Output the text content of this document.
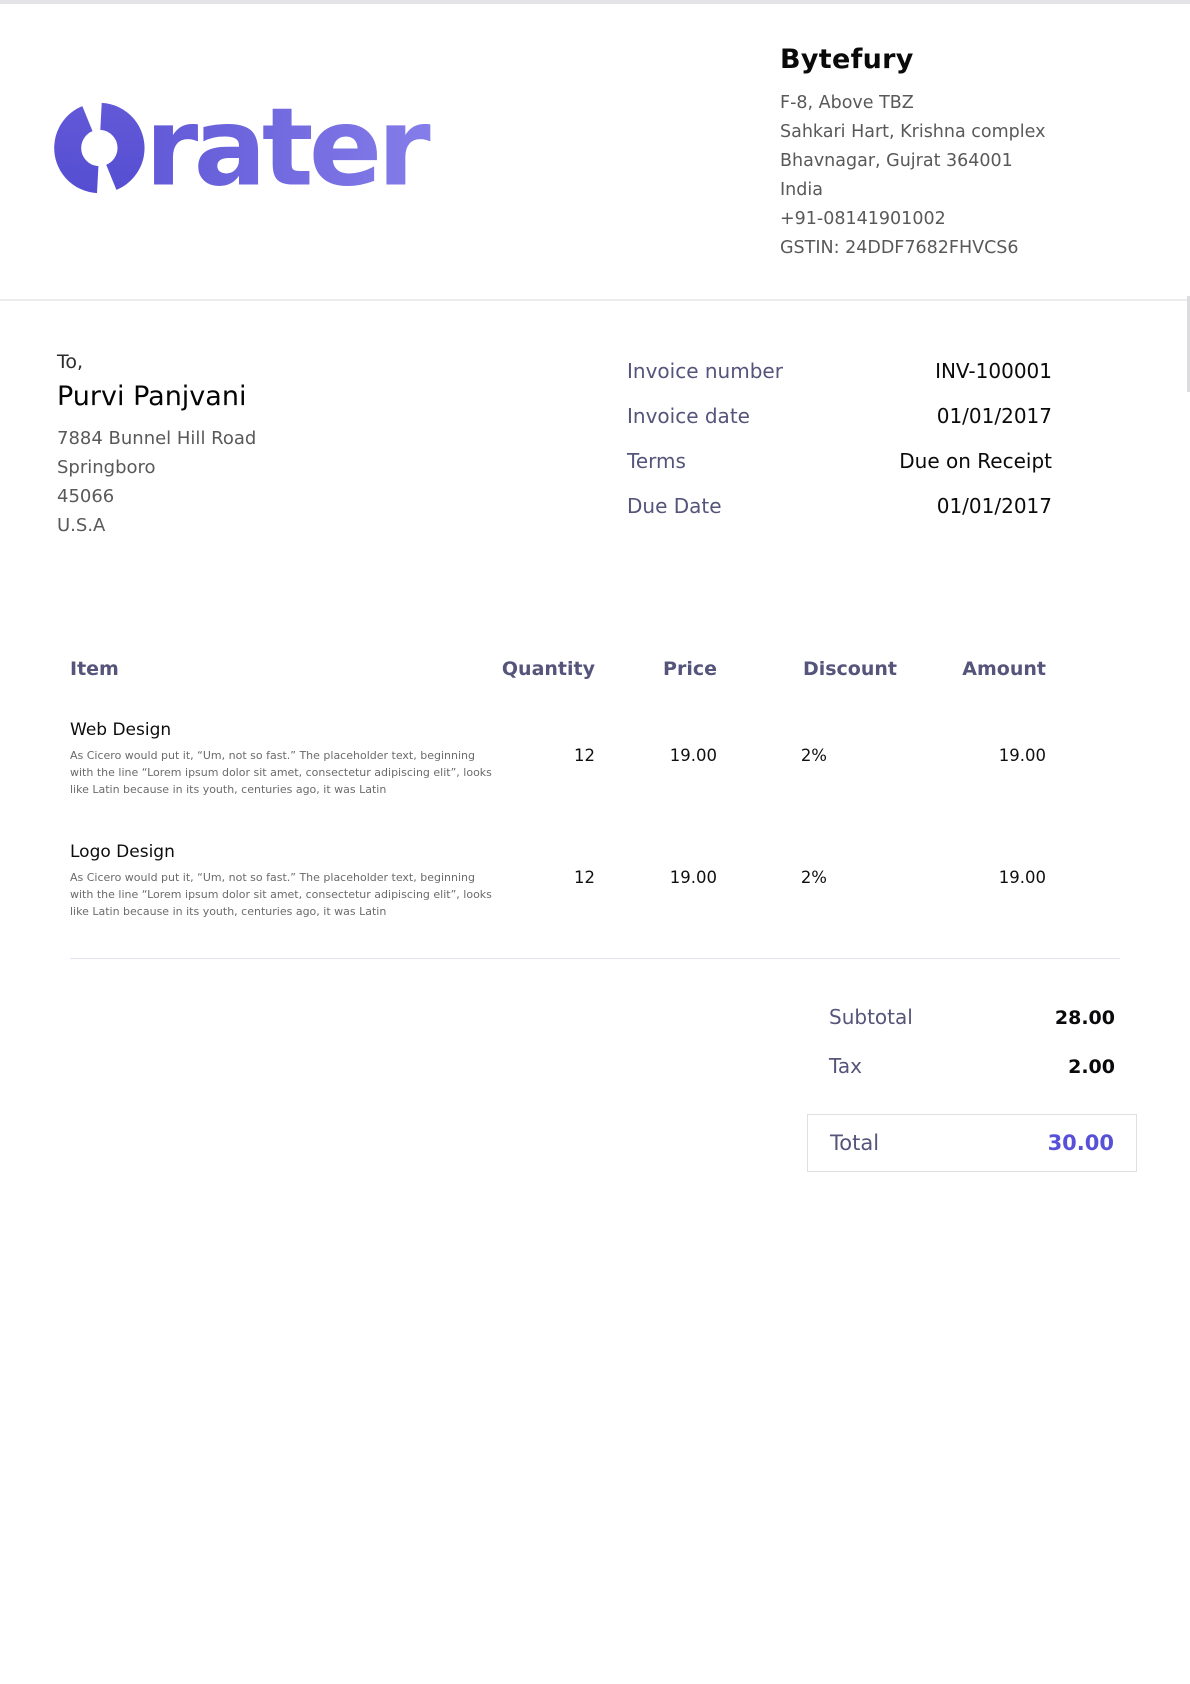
rater
Bytefury
F-8, Above TBZ
Sahkari Hart, Krishna complex
Bhavnagar, Gujrat 364001
India
+91-08141901002
GSTIN: 24DDF7682FHVCS6
To,
Purvi Panjvani
7884 Bunnel Hill Road
Springboro
45066
U.S.A
Invoice number	INV-100001
Invoice date	01/01/2017
Terms	Due on Receipt
Due Date	01/01/2017
Item	Quantity	Price	Discount	Amount
Web Design
As Cicero would put it, “Um, not so fast.” The placeholder text, beginning with the line “Lorem ipsum dolor sit amet, consectetur adipiscing elit”, looks like Latin because in its youth, centuries ago, it was Latin
12	19.00	2%	19.00
Logo Design
As Cicero would put it, “Um, not so fast.” The placeholder text, beginning with the line “Lorem ipsum dolor sit amet, consectetur adipiscing elit”, looks like Latin because in its youth, centuries ago, it was Latin
12	19.00	2%	19.00
Subtotal	28.00
Tax	2.00
Total	30.00
